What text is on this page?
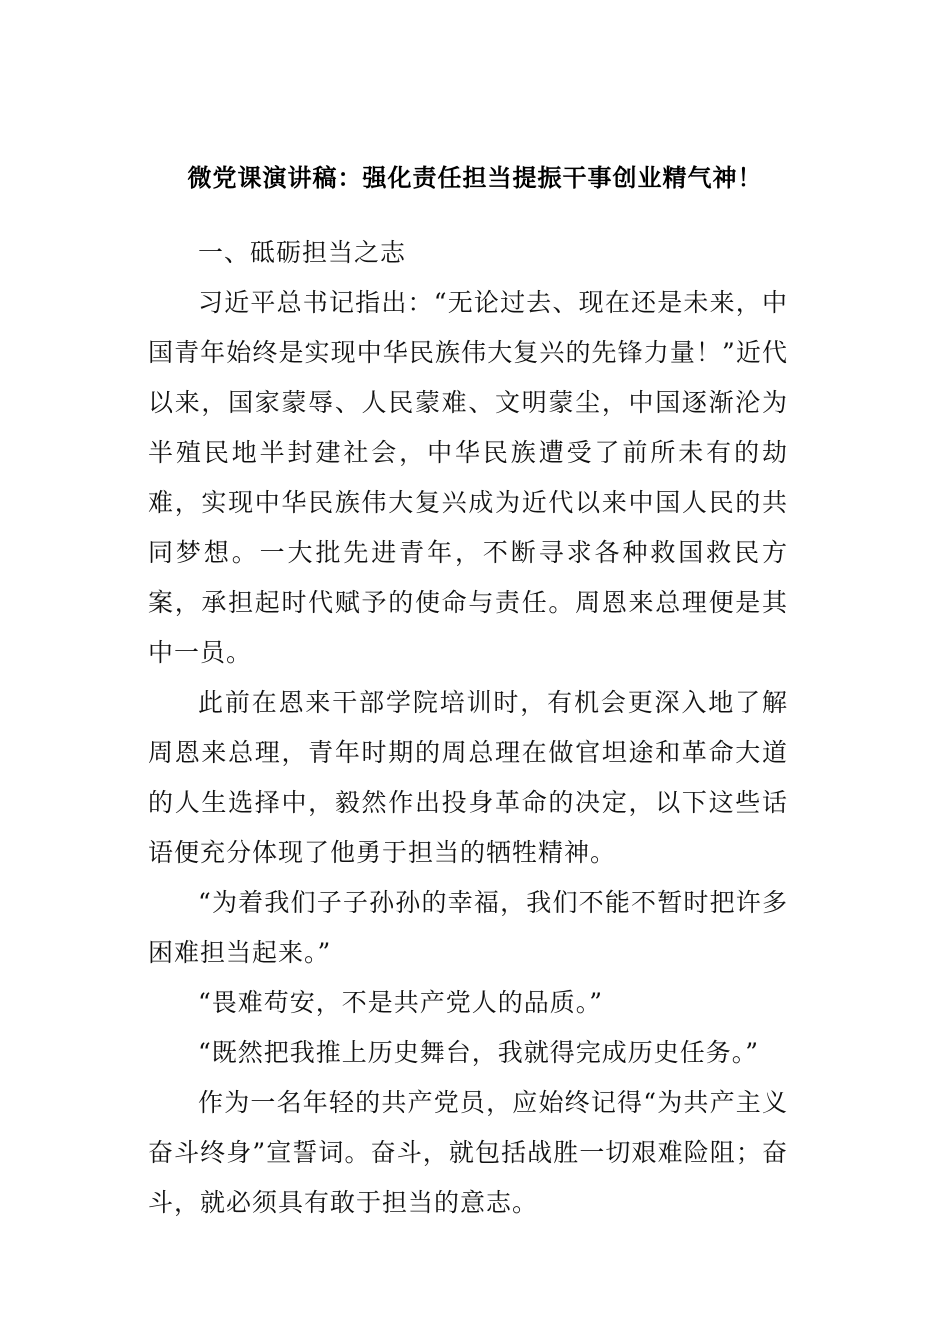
微党课演讲稿：强化责任担当提振干事创业精气神！

一、砥砺担当之志

习近平总书记指出：“无论过去、现在还是未来，中国青年始终是实现中华民族伟大复兴的先锋力量！”近代以来，国家蒙辱、人民蒙难、文明蒙尘，中国逐渐沦为半殖民地半封建社会，中华民族遭受了前所未有的劫难，实现中华民族伟大复兴成为近代以来中国人民的共同梦想。一大批先进青年，不断寻求各种救国救民方案，承担起时代赋予的使命与责任。周恩来总理便是其中一员。

此前在恩来干部学院培训时，有机会更深入地了解周恩来总理，青年时期的周总理在做官坦途和革命大道的人生选择中，毅然作出投身革命的决定，以下这些话语便充分体现了他勇于担当的牺牲精神。

“为着我们子子孙孙的幸福，我们不能不暂时把许多困难担当起来。”

“畏难苟安，不是共产党人的品质。”

“既然把我推上历史舞台，我就得完成历史任务。”

作为一名年轻的共产党员，应始终记得“为共产主义奋斗终身”宣誓词。奋斗，就包括战胜一切艰难险阻；奋斗，就必须具有敢于担当的意志。
